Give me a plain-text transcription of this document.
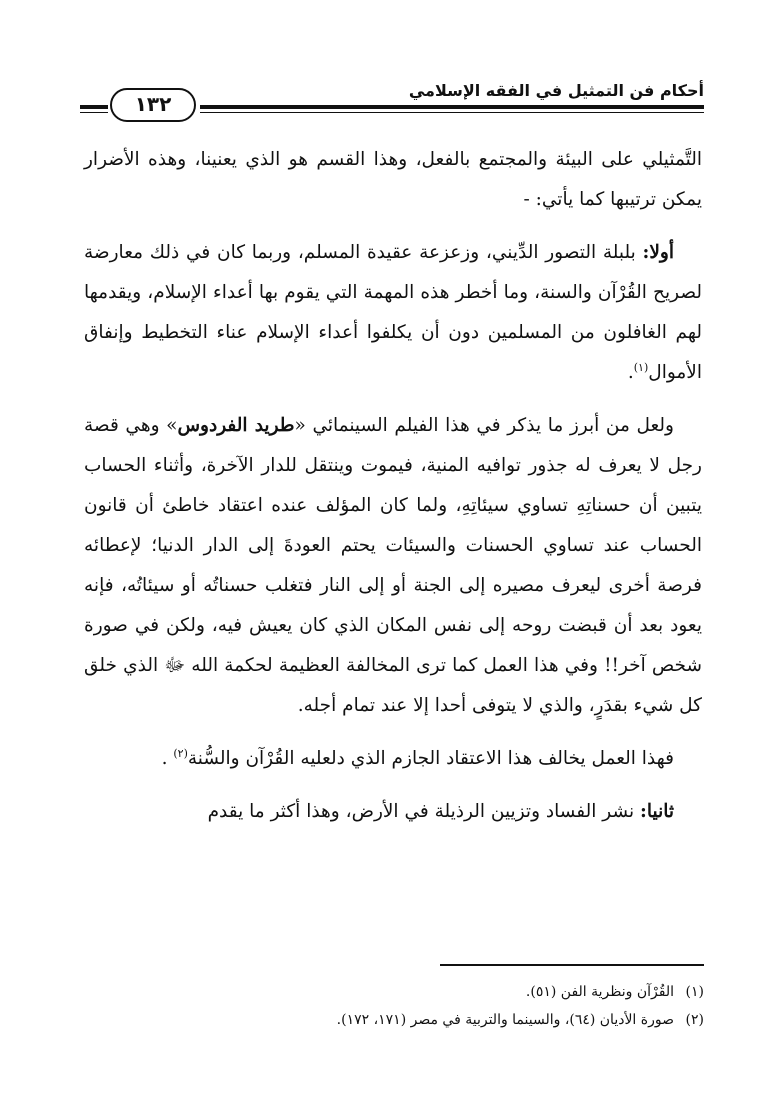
أحكام فن التمثيل في الفقه الإسلامي
١٣٢

التَّمثيلي على البيئة والمجتمع بالفعل، وهذا القسم هو الذي يعنينا، وهذه الأضرار يمكن ترتيبها كما يأتي: -

أولا: بلبلة التصور الدِّيني، وزعزعة عقيدة المسلم، وربما كان في ذلك معارضة لصريح القُرْآن والسنة، وما أخطر هذه المهمة التي يقوم بها أعداء الإسلام، ويقدمها لهم الغافلون من المسلمين دون أن يكلفوا أعداء الإسلام عناء التخطيط وإنفاق الأموال$^{(١)}$.

ولعل من أبرز ما يذكر في هذا الفيلم السينمائي «طريد الفردوس» وهي قصة رجل لا يعرف له جذور توافيه المنية، فيموت وينتقل للدار الآخرة، وأثناء الحساب يتبين أن حسناتِهِ تساوي سيئاتِهِ، ولما كان المؤلف عنده اعتقاد خاطئ أن قانون الحساب عند تساوي الحسنات والسيئات يحتم العودةَ إلى الدار الدنيا؛ لإعطائه فرصة أخرى ليعرف مصيره إلى الجنة أو إلى النار فتغلب حسناتُه أو سيئاتُه، فإنه يعود بعد أن قبضت روحه إلى نفس المكان الذي كان يعيش فيه، ولكن في صورة شخص آخر!! وفي هذا العمل كما ترى المخالفة العظيمة لحكمة الله ﷻ الذي خلق كل شيء بقدَرٍ، والذي لا يتوفى أحدا إلا عند تمام أجله.

فهذا العمل يخالف هذا الاعتقاد الجازم الذي دلعليه القُرْآن والسُّنة$^{(٢)}$ .

ثانيا: نشر الفساد وتزيين الرذيلة في الأرض، وهذا أكثر ما يقدم

(١)القُرْآن ونظرية الفن (٥١).

(٢)صورة الأديان (٦٤)، والسينما والتربية في مصر (١٧١، ١٧٢).
